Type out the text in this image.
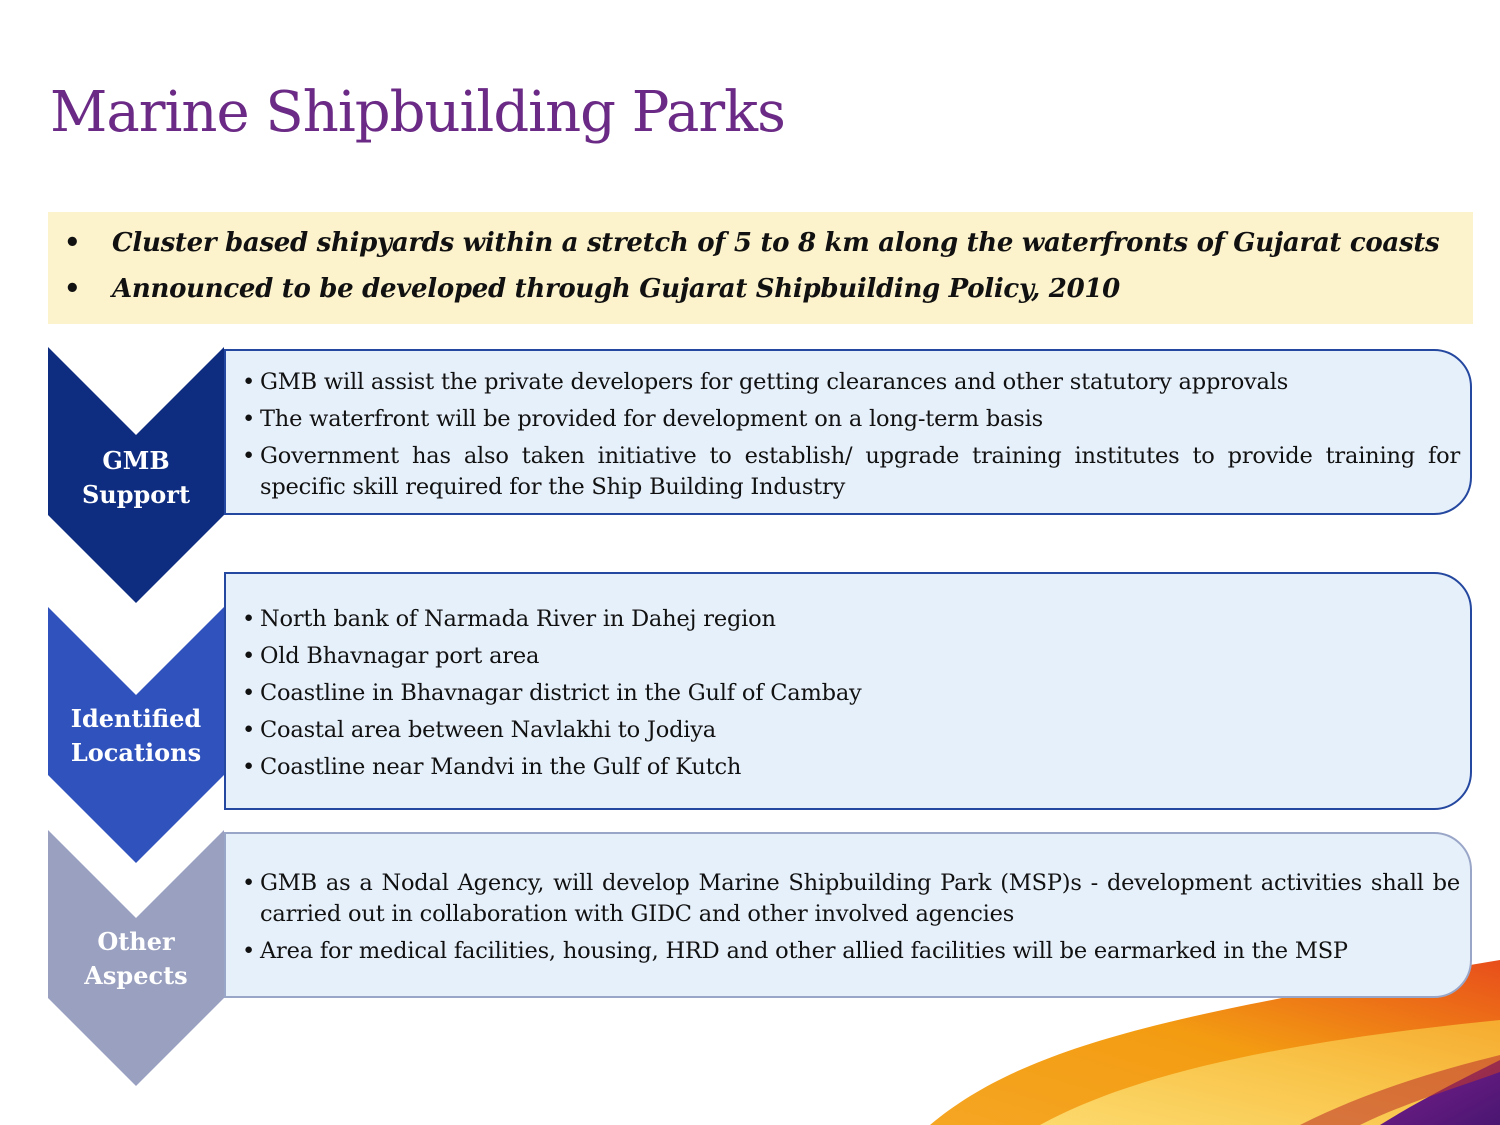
Marine Shipbuilding Parks
• Cluster based shipyards within a stretch of 5 to 8 km along the waterfronts of Gujarat coasts
• Announced to be developed through Gujarat Shipbuilding Policy, 2010
GMB
Support
Identified
Locations
Other
Aspects
• GMB will assist the private developers for getting clearances and other statutory approvals
• The waterfront will be provided for development on a long-term basis
• Government has also taken initiative to establish/ upgrade training institutes to provide training for specific skill required for the Ship Building Industry
• North bank of Narmada River in Dahej region
• Old Bhavnagar port area
• Coastline in Bhavnagar district in the Gulf of Cambay
• Coastal area between Navlakhi to Jodiya
• Coastline near Mandvi in the Gulf of Kutch
• GMB as a Nodal Agency, will develop Marine Shipbuilding Park (MSP)s - development activities shall be carried out in collaboration with GIDC and other involved agencies
• Area for medical facilities, housing, HRD and other allied facilities will be earmarked in the MSP
